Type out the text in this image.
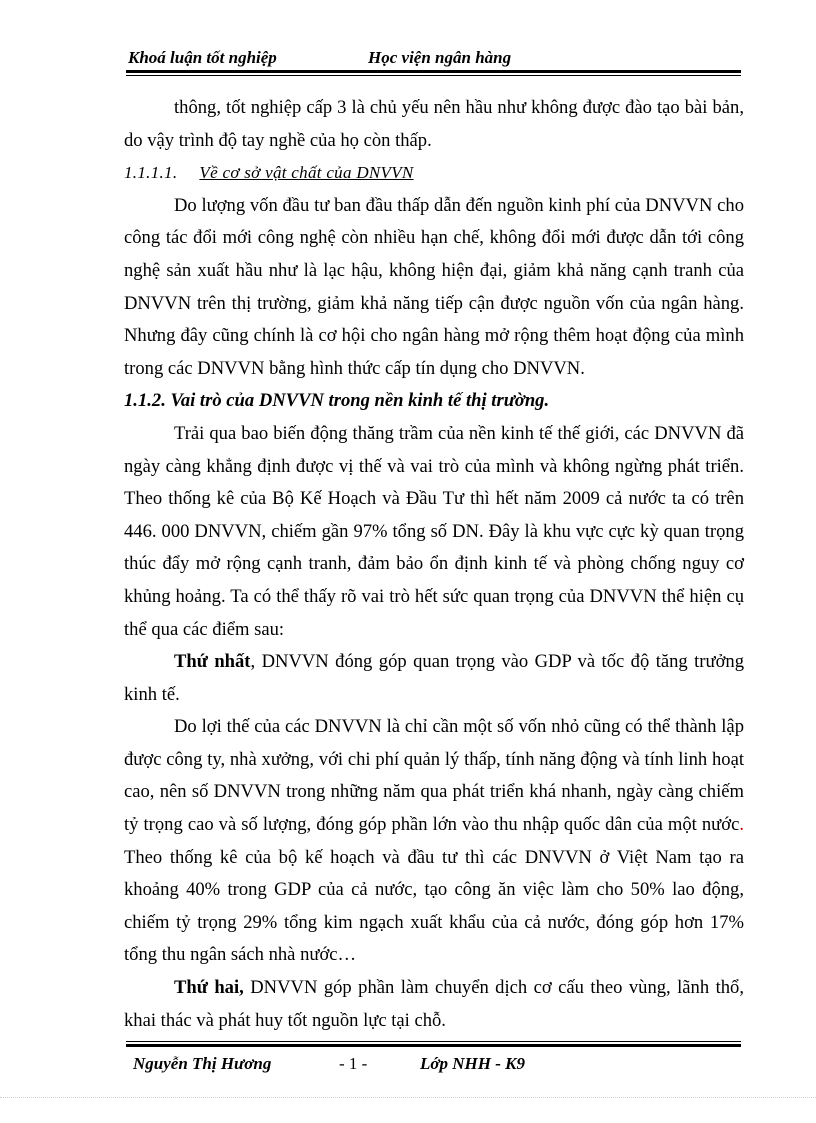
Khoá luận tốt nghiệp	Học viện ngân hàng

thông, tốt nghiệp cấp 3 là chủ yếu nên hầu như không được đào tạo bài bản, do vậy trình độ tay nghề của họ còn thấp.

1.1.1.1. Về cơ sở vật chất của DNVVN

Do lượng vốn đầu tư ban đầu thấp dẫn đến nguồn kinh phí của DNVVN cho công tác đổi mới công nghệ còn nhiều hạn chế, không đổi mới được dẫn tới công nghệ sản xuất hầu như là lạc hậu, không hiện đại, giảm khả năng cạnh tranh của DNVVN trên thị trường, giảm khả năng tiếp cận được nguồn vốn của ngân hàng. Nhưng đây cũng chính là cơ hội cho ngân hàng mở rộng thêm hoạt động của mình trong các DNVVN bằng hình thức cấp tín dụng cho DNVVN.

1.1.2. Vai trò của DNVVN trong nền kinh tế thị trường.

Trải qua bao biến động thăng trầm của nền kinh tế thế giới, các DNVVN đã ngày càng khẳng định được vị thế và vai trò của mình và không ngừng phát triển. Theo thống kê của Bộ Kế Hoạch và Đầu Tư thì hết năm 2009 cả nước ta có trên 446. 000 DNVVN, chiếm gần 97% tổng số DN. Đây là khu vực cực kỳ quan trọng thúc đẩy mở rộng cạnh tranh, đảm bảo ổn định kinh tế và phòng chống nguy cơ khủng hoảng. Ta có thể thấy rõ vai trò hết sức quan trọng của DNVVN thể hiện cụ thể qua các điểm sau:

Thứ nhất, DNVVN đóng góp quan trọng vào GDP và tốc độ tăng trưởng kinh tế.

Do lợi thế của các DNVVN là chỉ cần một số vốn nhỏ cũng có thể thành lập được công ty, nhà xưởng, với chi phí quản lý thấp, tính năng động và tính linh hoạt cao, nên số DNVVN trong những năm qua phát triển khá nhanh, ngày càng chiếm tỷ trọng cao và số lượng, đóng góp phần lớn vào thu nhập quốc dân của một nước. Theo thống kê của bộ kế hoạch và đầu tư thì các DNVVN ở Việt Nam tạo ra khoảng 40% trong GDP của cả nước, tạo công ăn việc làm cho 50% lao động, chiếm tỷ trọng 29% tổng kim ngạch xuất khẩu của cả nước, đóng góp hơn 17% tổng thu ngân sách nhà nước…

Thứ hai, DNVVN góp phần làm chuyển dịch cơ cấu theo vùng, lãnh thổ, khai thác và phát huy tốt nguồn lực tại chỗ.

Nguyễn Thị Hương	- 1 -	Lớp NHH - K9
